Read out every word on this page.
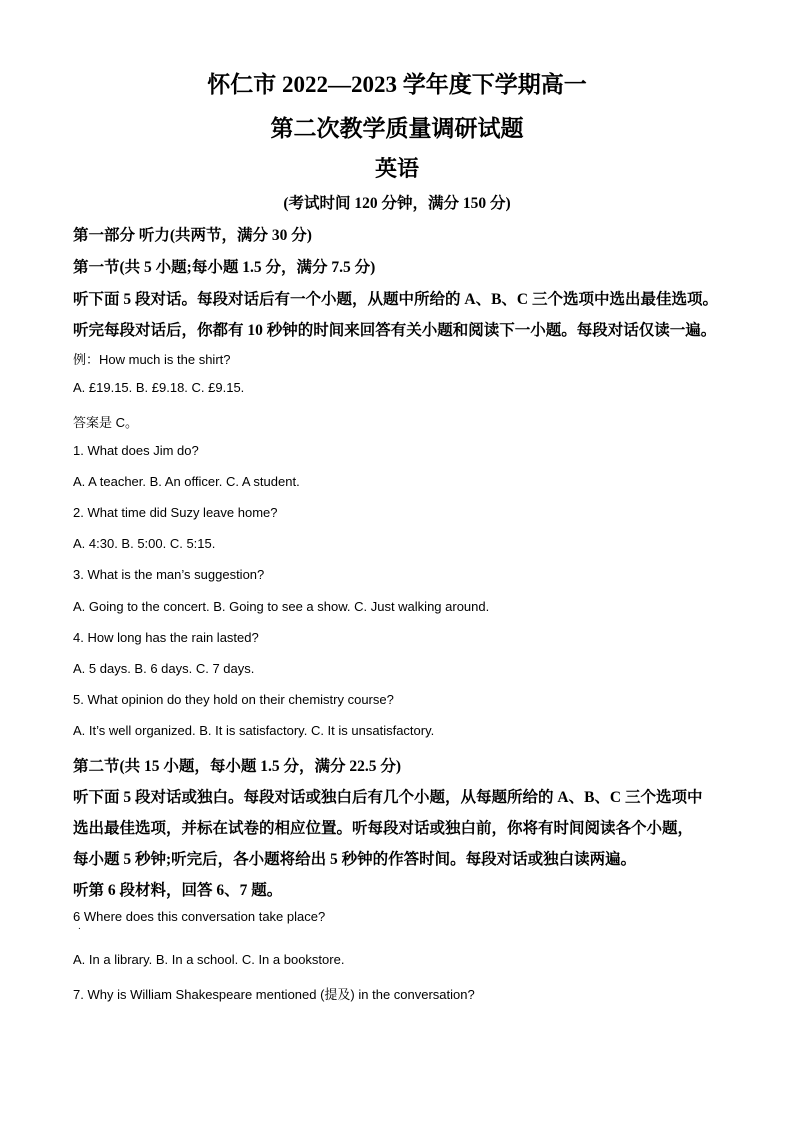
怀仁市 2022—2023 学年度下学期高一
第二次教学质量调研试题
英语
(考试时间 120 分钟，满分 150 分)
第一部分 听力(共两节，满分 30 分)
第一节(共 5 小题;每小题 1.5 分，满分 7.5 分)
听下面 5 段对话。每段对话后有一个小题，从题中所给的 A、B、C 三个选项中选出最佳选项。
听完每段对话后，你都有 10 秒钟的时间来回答有关小题和阅读下一小题。每段对话仅读一遍。
例：How much is the shirt?
A. £19.15. B. £9.18. C. £9.15.
答案是 C。
1. What does Jim do?
A. A teacher. B. An officer. C. A student.
2. What time did Suzy leave home?
A. 4:30. B. 5:00. C. 5:15.
3. What is the man’s suggestion?
A. Going to the concert. B. Going to see a show. C. Just walking around.
4. How long has the rain lasted?
A. 5 days. B. 6 days. C. 7 days.
5. What opinion do they hold on their chemistry course?
A. It’s well organized. B. It is satisfactory. C. It is unsatisfactory.
第二节(共 15 小题，每小题 1.5 分，满分 22.5 分)
听下面 5 段对话或独白。每段对话或独白后有几个小题，从每题所给的 A、B、C 三个选项中
选出最佳选项，并标在试卷的相应位置。听每段对话或独白前，你将有时间阅读各个小题，
每小题 5 秒钟;听完后，各小题将给出 5 秒钟的作答时间。每段对话或独白读两遍。
听第 6 段材料，回答 6、7 题。
6 Where does this conversation take place?
.
A. In a library. B. In a school. C. In a bookstore.
7. Why is William Shakespeare mentioned (提及) in the conversation?
